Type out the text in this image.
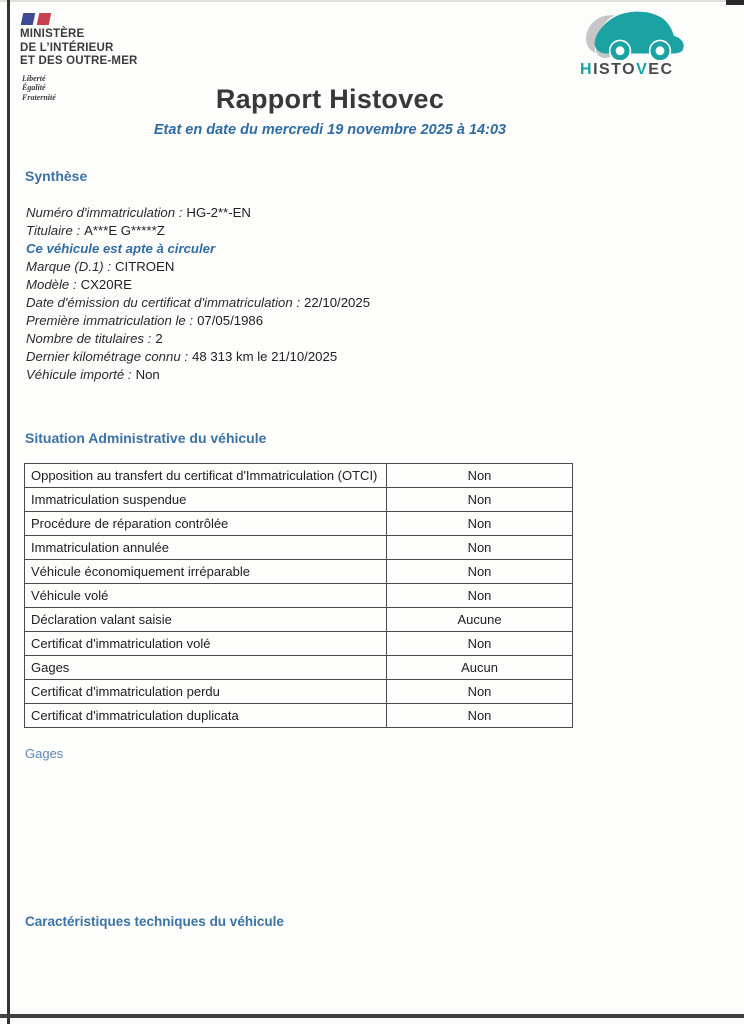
MINISTÈRE
DE L’INTÉRIEUR
ET DES OUTRE-MER
Liberté
Égalité
Fraternité
HISTOVEC
Rapport Histovec
Etat en date du mercredi 19 novembre 2025 à 14:03
Synthèse
Numéro d'immatriculation : HG-2**-EN
Titulaire : A***E G*****Z
Ce véhicule est apte à circuler
Marque (D.1) : CITROEN
Modèle : CX20RE
Date d'émission du certificat d'immatriculation : 22/10/2025
Première immatriculation le : 07/05/1986
Nombre de titulaires : 2
Dernier kilométrage connu : 48 313 km le 21/10/2025
Véhicule importé : Non
Situation Administrative du véhicule
Opposition au transfert du certificat d'Immatriculation (OTCI)	Non
Immatriculation suspendue	Non
Procédure de réparation contrôlée	Non
Immatriculation annulée	Non
Véhicule économiquement irréparable	Non
Véhicule volé	Non
Déclaration valant saisie	Aucune
Certificat d'immatriculation volé	Non
Gages	Aucun
Certificat d'immatriculation perdu	Non
Certificat d'immatriculation duplicata	Non
Gages
Caractéristiques techniques du véhicule
